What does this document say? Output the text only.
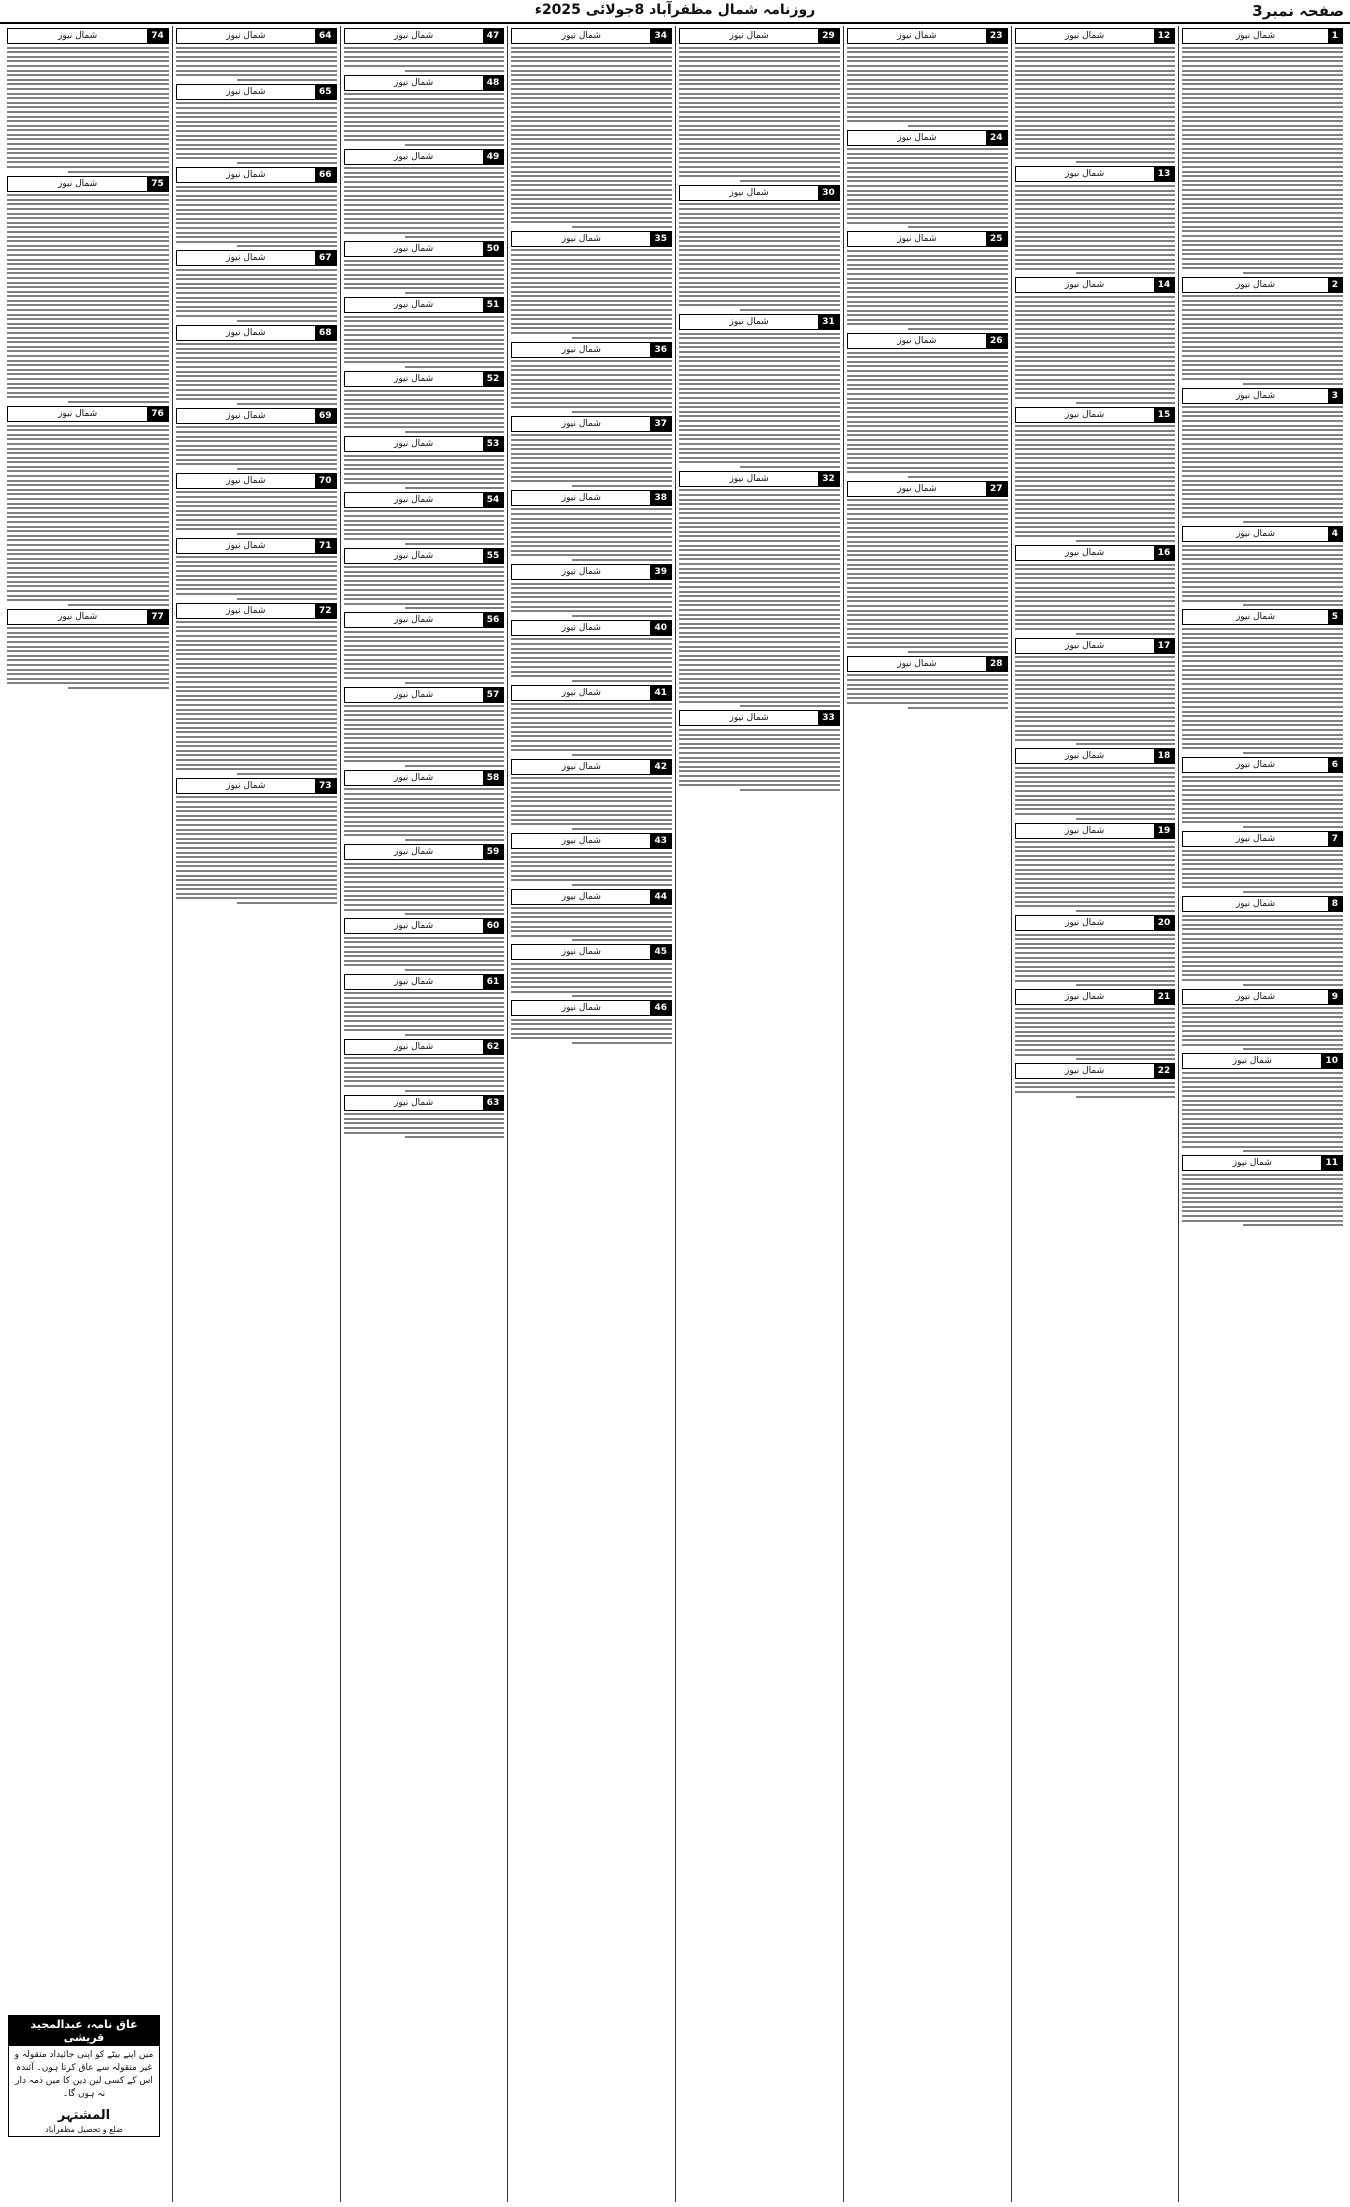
صفحہ نمبر3
روزنامہ شمال مظفرآباد 8جولائی 2025ء
1
شمال نیوز
2
شمال نیوز
3
شمال نیوز
4
شمال نیوز
5
شمال نیوز
6
شمال نیوز
7
شمال نیوز
8
شمال نیوز
9
شمال نیوز
10
شمال نیوز
11
شمال نیوز
12
شمال نیوز
13
شمال نیوز
14
شمال نیوز
15
شمال نیوز
16
شمال نیوز
17
شمال نیوز
18
شمال نیوز
19
شمال نیوز
20
شمال نیوز
21
شمال نیوز
22
شمال نیوز
23
شمال نیوز
24
شمال نیوز
25
شمال نیوز
26
شمال نیوز
27
شمال نیوز
28
شمال نیوز
29
شمال نیوز
30
شمال نیوز
31
شمال نیوز
32
شمال نیوز
33
شمال نیوز
34
شمال نیوز
35
شمال نیوز
36
شمال نیوز
37
شمال نیوز
38
شمال نیوز
39
شمال نیوز
40
شمال نیوز
41
شمال نیوز
42
شمال نیوز
43
شمال نیوز
44
شمال نیوز
45
شمال نیوز
46
شمال نیوز
47
شمال نیوز
48
شمال نیوز
49
شمال نیوز
50
شمال نیوز
51
شمال نیوز
52
شمال نیوز
53
شمال نیوز
54
شمال نیوز
55
شمال نیوز
56
شمال نیوز
57
شمال نیوز
58
شمال نیوز
59
شمال نیوز
60
شمال نیوز
61
شمال نیوز
62
شمال نیوز
63
شمال نیوز
64
شمال نیوز
65
شمال نیوز
66
شمال نیوز
67
شمال نیوز
68
شمال نیوز
69
شمال نیوز
70
شمال نیوز
71
شمال نیوز
72
شمال نیوز
73
شمال نیوز
74
شمال نیوز
75
شمال نیوز
76
شمال نیوز
77
شمال نیوز
عاق نامہ، عبدالمجید قریشی
میں اپنے بیٹے کو اپنی جائیداد منقولہ و غیر منقولہ سے عاق کرتا ہوں۔ آئندہ اس کے کسی لین دین کا میں ذمہ دار نہ ہوں گا۔
المشتہر
ضلع و تحصیل مظفرآباد
